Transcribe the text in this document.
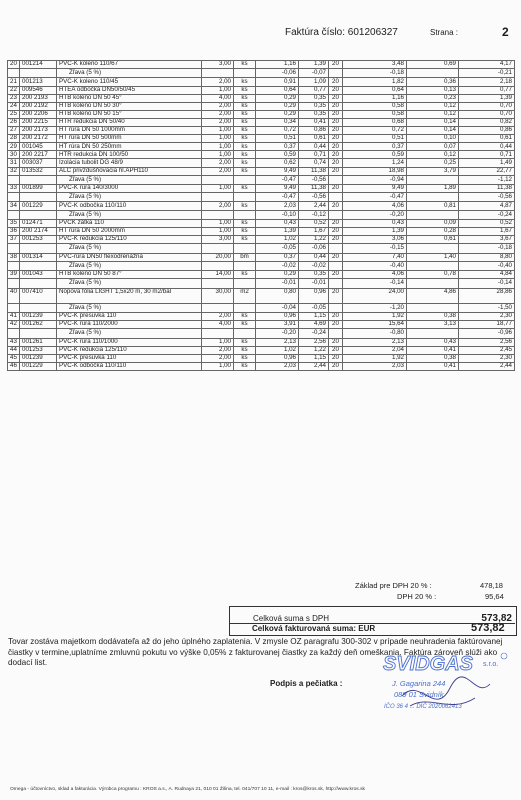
Faktúra číslo: 601206327	Strana :	2
20	001214	PVC-K koleno 110/67	3,00	ks	1,16	1,39	20	3,48	0,69	4,17
		Zľava (5 %)			-0,06	-0,07		-0,18		-0,21
21	001213	PVC-K koleno 110/45	2,00	ks	0,91	1,09	20	1,82	0,36	2,18
22	009546	HTEA odbočka DN50/50/45	1,00	ks	0,64	0,77	20	0,64	0,13	0,77
23	200 2193	HTB koleno DN 50 45°	4,00	ks	0,29	0,35	20	1,16	0,23	1,39
24	200 2192	HTB koleno DN 50 30°	2,00	ks	0,29	0,35	20	0,58	0,12	0,70
25	200 2206	HTB koleno DN 50 15°	2,00	ks	0,29	0,35	20	0,58	0,12	0,70
26	200 2215	HTR redukcia DN 50/40	2,00	ks	0,34	0,41	20	0,68	0,14	0,82
27	200 2173	HT rúra DN 50 1000mm	1,00	ks	0,72	0,86	20	0,72	0,14	0,86
28	200 2172	HT rúra DN 50 500mm	1,00	ks	0,51	0,61	20	0,51	0,10	0,61
29	001045	HT rúra DN 50 250mm	1,00	ks	0,37	0,44	20	0,37	0,07	0,44
30	200 2217	HTR redukcia DN 100/50	1,00	ks	0,59	0,71	20	0,59	0,12	0,71
31	003037	Izolácia tubolit DG 48/9	2,00	ks	0,62	0,74	20	1,24	0,25	1,49
32	013532	ALC privzdušňovacia hl.APH110	2,00	ks	9,49	11,38	20	18,98	3,79	22,77
		Zľava (5 %)			-0,47	-0,56		-0,94		-1,12
33	001899	PVC-K rúra 140/3000	1,00	ks	9,49	11,38	20	9,49	1,89	11,38
		Zľava (5 %)			-0,47	-0,56		-0,47		-0,56
34	001229	PVC-K odbočka 110/110	2,00	ks	2,03	2,44	20	4,06	0,81	4,87
		Zľava (5 %)			-0,10	-0,12		-0,20		-0,24
35	012471	PVCK zátka 110	1,00	ks	0,43	0,52	20	0,43	0,09	0,52
36	200 2174	HT rúra DN 50 2000mm	1,00	ks	1,39	1,67	20	1,39	0,28	1,67
37	001253	PVC-K redukcia 125/110	3,00	ks	1,02	1,22	20	3,06	0,61	3,67
		Zľava (5 %)			-0,05	-0,06		-0,15		-0,18
38	001314	PVC-rúra DN50 flexodrenážna	20,00	bm	0,37	0,44	20	7,40	1,40	8,80
		Zľava (5 %)			-0,02	-0,02		-0,40		-0,40
39	001043	HTB koleno DN 50 87°	14,00	ks	0,29	0,35	20	4,06	0,78	4,84
		Zľava (5 %)			-0,01	-0,01		-0,14		-0,14
40	007410	Nopova fólia LIGHT 1,5x20 m, 30 m2/bal	30,00	m2	0,80	0,96	20	24,00	4,86	28,86
		Zľava (5 %)			-0,04	-0,05		-1,20		-1,50
41	001239	PVC-K presuvka 110	2,00	ks	0,96	1,15	20	1,92	0,38	2,30
42	001262	PVC-K rúra 110/2000	4,00	ks	3,91	4,69	20	15,64	3,13	18,77
		Zľava (5 %)			-0,20	-0,24		-0,80		-0,96
43	001261	PVC-K rúra 110/1000	1,00	ks	2,13	2,56	20	2,13	0,43	2,56
44	001253	PVC-K redukcia 125/110	2,00	ks	1,02	1,22	20	2,04	0,41	2,45
45	001239	PVC-K presuvka 110	2,00	ks	0,96	1,15	20	1,92	0,38	2,30
46	001229	PVC-K odbočka 110/110	1,00	ks	2,03	2,44	20	2,03	0,41	2,44
Základ pre DPH 20 % :	478,18
DPH 20 % :	95,64
Celková suma s DPH	573,82
Celková fakturovaná suma: EUR	573,82
Tovar zostáva majetkom dodávateľa až do jeho úplného zaplatenia. V zmysle OZ paragrafu 300-302 v prípade neuhradenia faktúrovanej čiastky v termine,uplatníme zmluvnú pokutu vo výške 0,05% z fakturovanej čiastky za každý deň omeškania. Faktúra zároveň slúži ako dodací list.
Podpis a pečiatka :
SVIDGAS s.r.o.
J. Gagarina 244
089 01 Svidník
IČO 36 4 ... DIČ 2020062413
Omega - účtovníctvo, sklad a fakturácia. Výrobca programu : KROS a.s., A. Rudnaya 21, 010 01 Žilina, tel. 041/707 10 11, e-mail : kros@kros.sk, http://www.kros.sk
